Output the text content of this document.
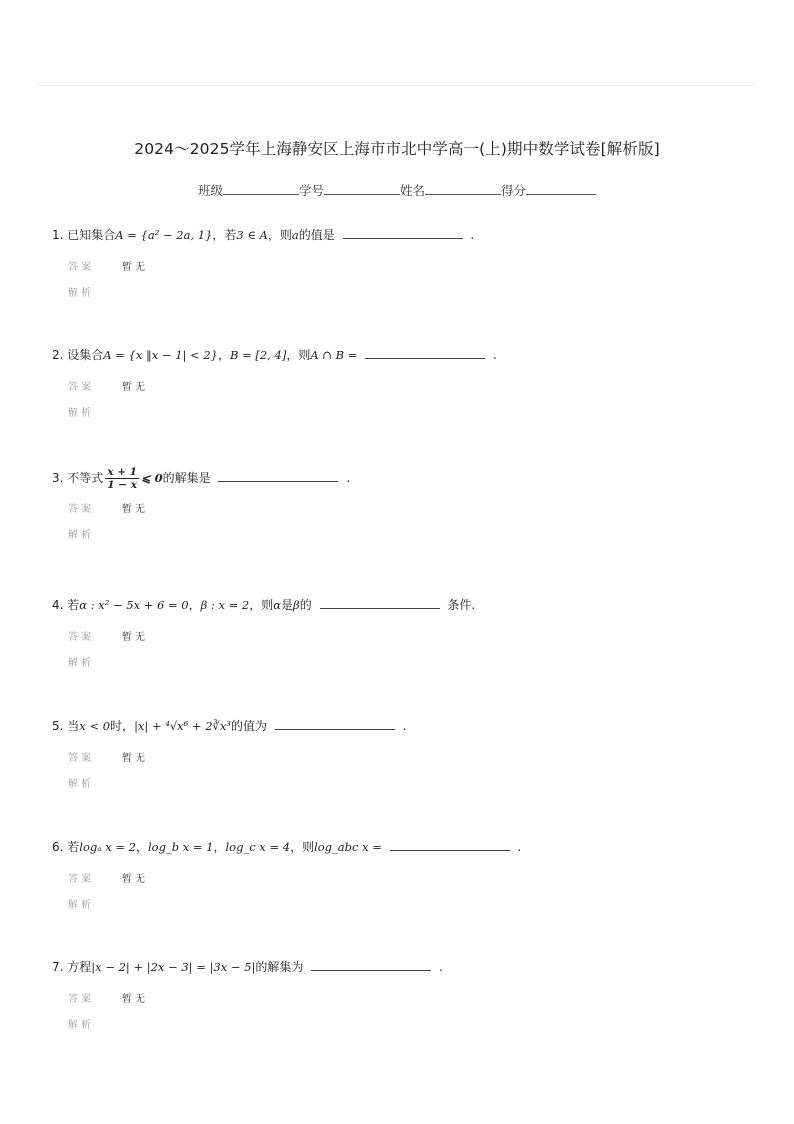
2024～2025学年上海静安区上海市市北中学高一(上)期中数学试卷[解析版]
班级	学号	姓名	得分
1. 已知集合A = {a² − 2a, 1}，若3 ∈ A，则a的值是	.
答案	暂无
解析
2. 设集合A = {x ‖x − 1| < 2}，B = [2, 4]，则A ∩ B =	.
答案	暂无
解析
3. 不等式 $\frac{x + 1}{1 - x}$ ⩽ 0的解集是	.
答案	暂无
解析
4. 若α : x² − 5x + 6 = 0，β : x = 2，则α是β的	条件.
答案	暂无
解析
5. 当x < 0时，|x| + ⁴√x⁶ + 2∛x³的值为	.
答案	暂无
解析
6. 若logₐ x = 2，log_b x = 1，log_c x = 4，则log_abc x =	.
答案	暂无
解析
7. 方程|x − 2| + |2x − 3| = |3x − 5|的解集为	.
答案	暂无
解析
